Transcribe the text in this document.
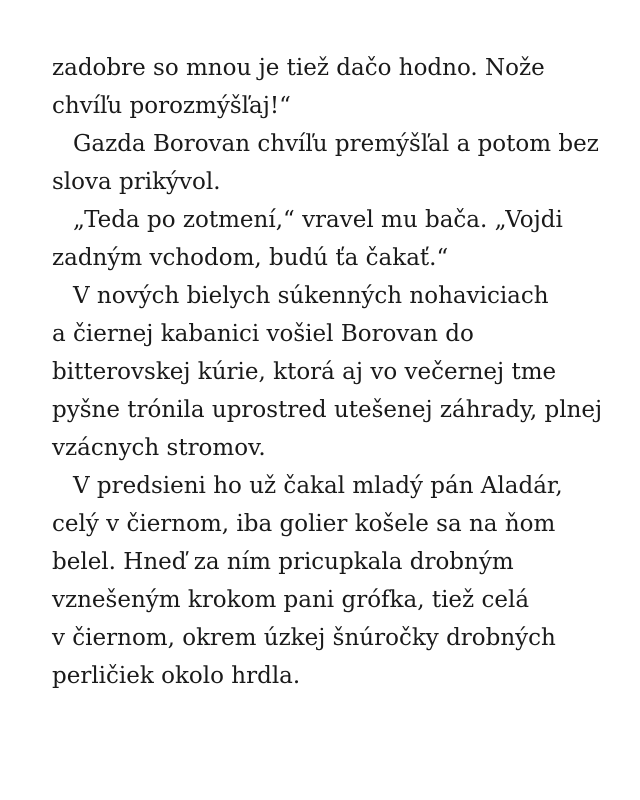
zadobre so mnou je tiež dačo hodno. Nože
chvíľu porozmýšľaj!“
Gazda Borovan chvíľu premýšľal a potom bez
slova prikývol.
„Teda po zotmení,“ vravel mu bača. „Vojdi
zadným vchodom, budú ťa čakať.“
V nových bielych súkenných nohaviciach
a čiernej kabanici vošiel Borovan do
bitterovskej kúrie, ktorá aj vo večernej tme
pyšne trónila uprostred utešenej záhrady, plnej
vzácnych stromov.
V predsieni ho už čakal mladý pán Aladár,
celý v čiernom, iba golier košele sa na ňom
belel. Hneď za ním pricupkala drobným
vznešeným krokom pani grófka, tiež celá
v čiernom, okrem úzkej šnúročky drobných
perličiek okolo hrdla.
